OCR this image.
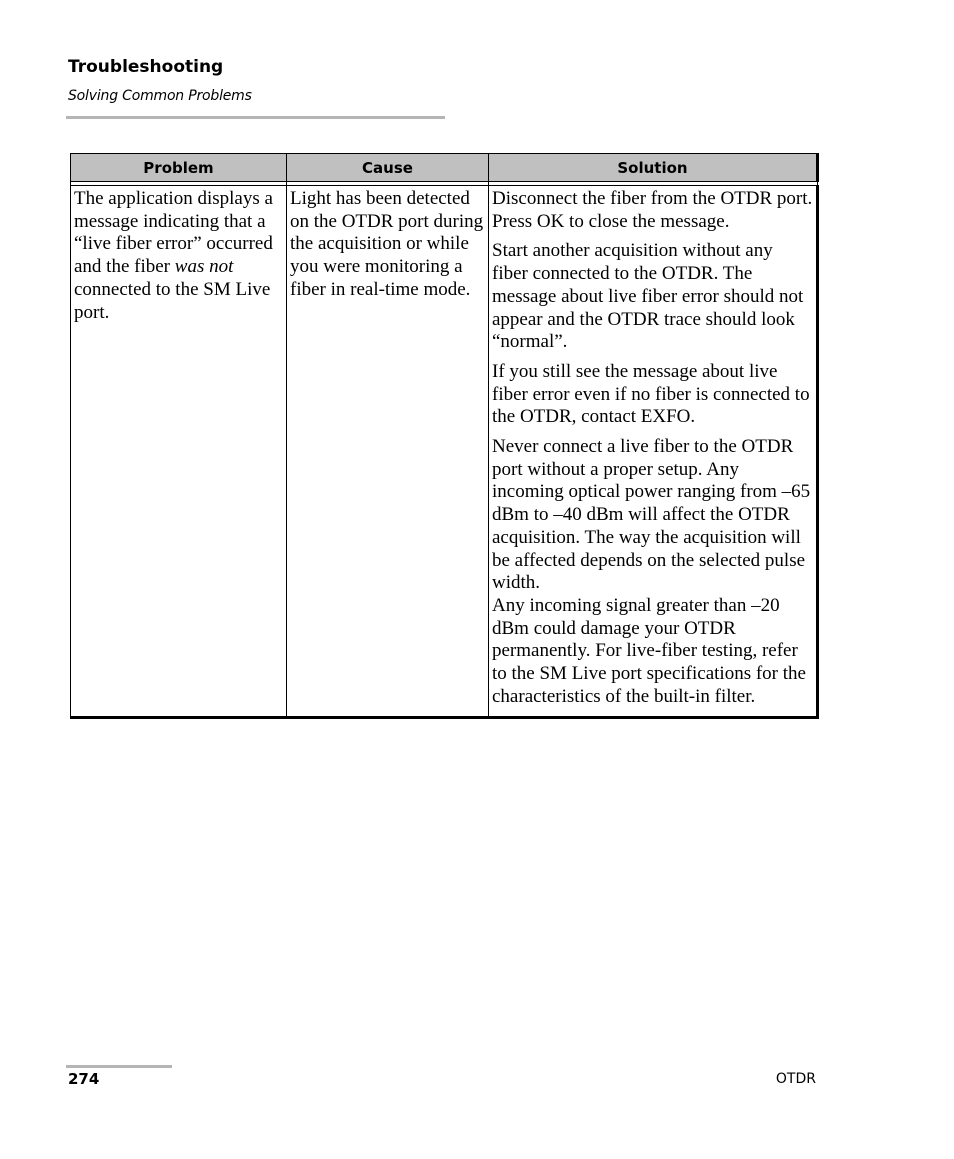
Troubleshooting
Solving Common Problems
Problem	Cause	Solution

The application displays a message indicating that a “live fiber error” occurred and the fiber was not connected to the SM Live port.	Light has been detected on the OTDR port during the acquisition or while you were monitoring a fiber in real-time mode.	Disconnect the fiber from the OTDR port. Press OK to close the message.

Start another acquisition without any fiber connected to the OTDR. The message about live fiber error should not appear and the OTDR trace should look “normal”.

If you still see the message about live fiber error even if no fiber is connected to the OTDR, contact EXFO.

Never connect a live fiber to the OTDR port without a proper setup. Any incoming optical power ranging from –65 dBm to –40 dBm will affect the OTDR acquisition. The way the acquisition will be affected depends on the selected pulse width.

Any incoming signal greater than –20 dBm could damage your OTDR permanently. For live-fiber testing, refer to the SM Live port specifications for the characteristics of the built-in filter.

274	OTDR
